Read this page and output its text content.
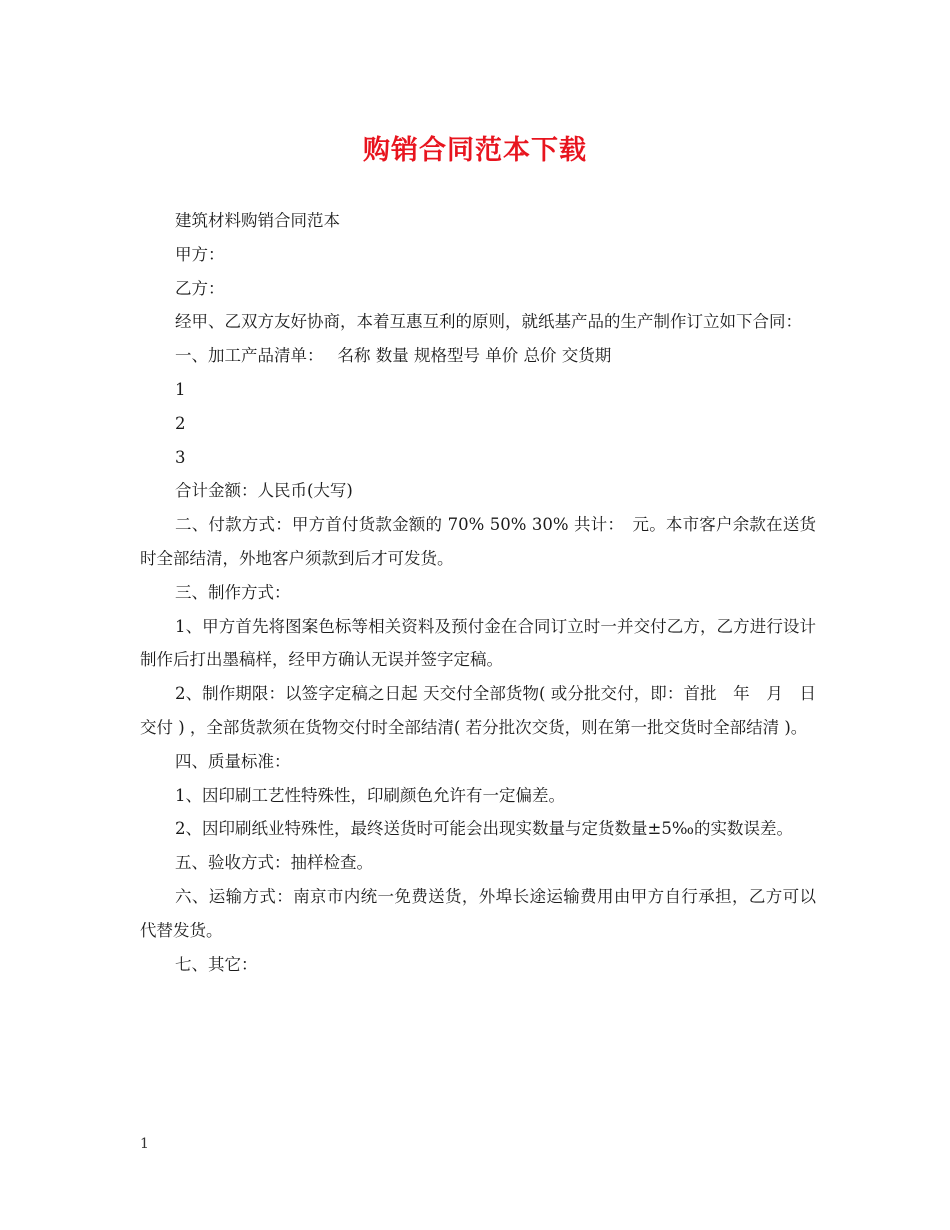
购销合同范本下载

建筑材料购销合同范本

甲方：

乙方：

经甲、乙双方友好协商，本着互惠互利的原则，就纸基产品的生产制作订立如下合同：

一、加工产品清单： 名称 数量 规格型号 单价 总价 交货期

1

2

3

合计金额：人民币(大写)

二、付款方式：甲方首付货款金额的 70% 50% 30% 共计：　元。本市客户余款在送货时全部结清，外地客户须款到后才可发货。

三、制作方式：

1、甲方首先将图案色标等相关资料及预付金在合同订立时一并交付乙方，乙方进行设计制作后打出墨稿样，经甲方确认无误并签字定稿。

2、制作期限：以签字定稿之日起 天交付全部货物( 或分批交付，即：首批　年　月　日交付 ) ，全部货款须在货物交付时全部结清( 若分批次交货，则在第一批交货时全部结清 )。

四、质量标准：

1、因印刷工艺性特殊性，印刷颜色允许有一定偏差。

2、因印刷纸业特殊性，最终送货时可能会出现实数量与定货数量±5‰的实数误差。

五、验收方式：抽样检查。

六、运输方式：南京市内统一免费送货，外埠长途运输费用由甲方自行承担，乙方可以代替发货。

七、其它：

1
